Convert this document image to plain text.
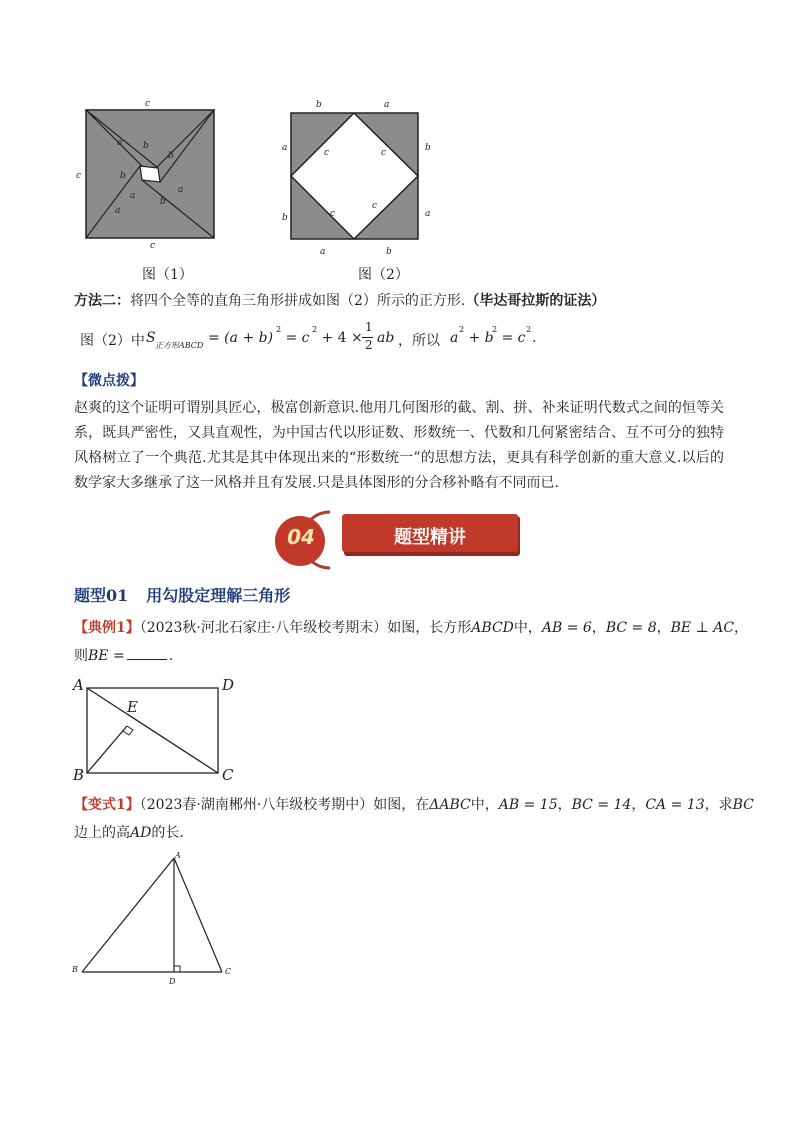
c
c
c
a b
b
b
a
b
a
a
图（1）
b	a
a
b
b
a
a	b
c	c
c
c
图（2）
方法二：将四个全等的直角三角形拼成如图（2）所示的正方形.（毕达哥拉斯的证法）
图（2）中 S 正方形ABCD = (a + b)
2
= c
2
+ 4 ×
1
2 ab ，所以 a
2
+ b
2
= c
2
.
【微点拨】
赵爽的这个证明可谓别具匠心，极富创新意识.他用几何图形的截、割、拼、补来证明代数式之间的恒等关系，既具严密性，又具直观性，为中国古代以形证数、形数统一、代数和几何紧密结合、互不可分的独特风格树立了一个典范.尤其是其中体现出来的“形数统一”的思想方法，更具有科学创新的重大意义.以后的数学家大多继承了这一风格并且有发展.只是具体图形的分合移补略有不同而已.
04	题型精讲
题型01 用勾股定理解三角形
【典例1】（2023秋·河北石家庄·八年级校考期末）如图，长方形ABCD中，AB = 6，BC = 8，BE ⊥ AC，
则BE =	.
A	D
B	C
E
【变式1】（2023春·湖南郴州·八年级校考期中）如图，在ΔABC中，AB = 15，BC = 14，CA = 13，求BC
边上的高AD的长.
A
B	C
D
